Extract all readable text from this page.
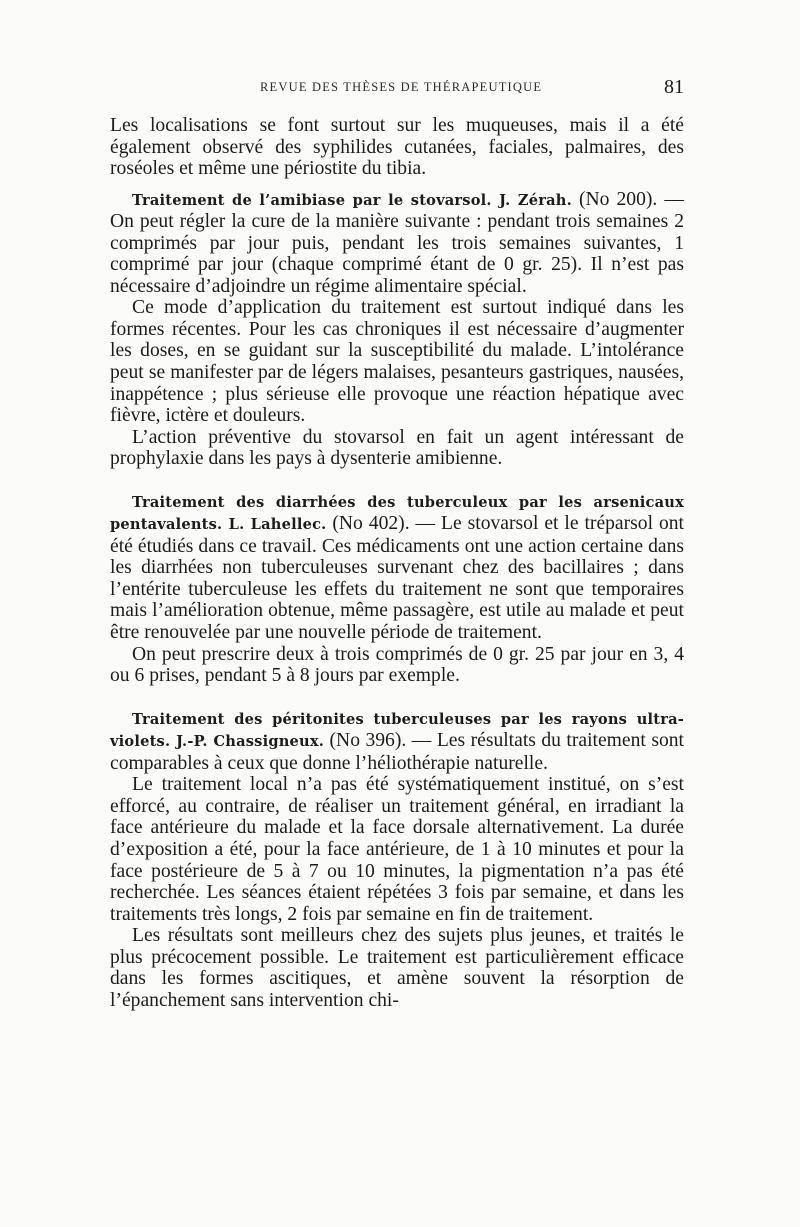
REVUE DES THÈSES DE THÉRAPEUTIQUE	81

Les localisations se font surtout sur les muqueuses, mais il a été également observé des syphilides cutanées, faciales, palmaires, des roséoles et même une périostite du tibia.

Traitement de l’amibiase par le stovarsol. J. Zérah. (No 200). — On peut régler la cure de la manière suivante : pendant trois semaines 2 comprimés par jour puis, pendant les trois semaines suivantes, 1 comprimé par jour (chaque comprimé étant de 0 gr. 25). Il n’est pas nécessaire d’adjoindre un régime alimentaire spécial.

Ce mode d’application du traitement est surtout indiqué dans les formes récentes. Pour les cas chroniques il est nécessaire d’augmenter les doses, en se guidant sur la susceptibilité du malade. L’intolérance peut se manifester par de légers malaises, pesanteurs gastriques, nausées, inappétence ; plus sérieuse elle provoque une réaction hépatique avec fièvre, ictère et douleurs.

L’action préventive du stovarsol en fait un agent intéressant de prophylaxie dans les pays à dysenterie amibienne.

Traitement des diarrhées des tuberculeux par les arsenicaux pentavalents. L. Lahellec. (No 402). — Le stovarsol et le tréparsol ont été étudiés dans ce travail. Ces médicaments ont une action certaine dans les diarrhées non tuberculeuses survenant chez des bacillaires ; dans l’entérite tuberculeuse les effets du traitement ne sont que temporaires mais l’amélioration obtenue, même passagère, est utile au malade et peut être renouvelée par une nouvelle période de traitement.

On peut prescrire deux à trois comprimés de 0 gr. 25 par jour en 3, 4 ou 6 prises, pendant 5 à 8 jours par exemple.

Traitement des péritonites tuberculeuses par les rayons ultra-violets. J.-P. Chassigneux. (No 396). — Les résultats du traitement sont comparables à ceux que donne l’héliothérapie naturelle.

Le traitement local n’a pas été systématiquement institué, on s’est efforcé, au contraire, de réaliser un traitement général, en irradiant la face antérieure du malade et la face dorsale alternativement. La durée d’exposition a été, pour la face antérieure, de 1 à 10 minutes et pour la face postérieure de 5 à 7 ou 10 minutes, la pigmentation n’a pas été recherchée. Les séances étaient répétées 3 fois par semaine, et dans les traitements très longs, 2 fois par semaine en fin de traitement.

Les résultats sont meilleurs chez des sujets plus jeunes, et traités le plus précocement possible. Le traitement est particulièrement efficace dans les formes ascitiques, et amène souvent la résorption de l’épanchement sans intervention chi-
